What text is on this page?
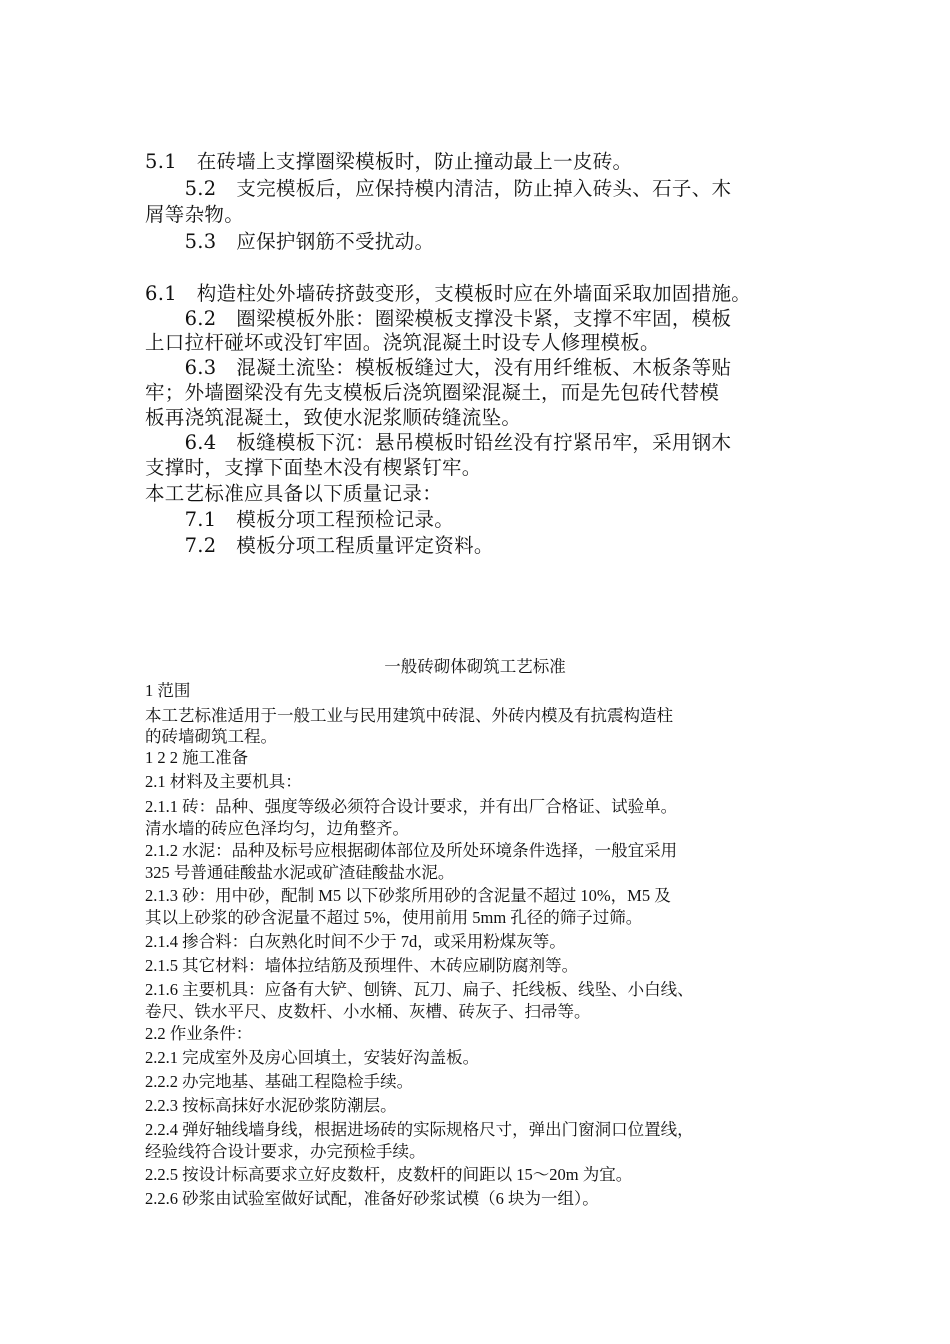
5.1　在砖墙上支撑圈梁模板时，防止撞动最上一皮砖。
　　5.2　支完模板后，应保持模内清洁，防止掉入砖头、石子、木
屑等杂物。
　　5.3　应保护钢筋不受扰动。
6.1　构造柱处外墙砖挤鼓变形，支模板时应在外墙面采取加固措施。
　　6.2　圈梁模板外胀：圈梁模板支撑没卡紧，支撑不牢固，模板
上口拉杆碰坏或没钉牢固。浇筑混凝土时设专人修理模板。
　　6.3　混凝土流坠：模板板缝过大，没有用纤维板、木板条等贴
牢；外墙圈梁没有先支模板后浇筑圈梁混凝土，而是先包砖代替模
板再浇筑混凝土，致使水泥浆顺砖缝流坠。
　　6.4　板缝模板下沉：悬吊模板时铅丝没有拧紧吊牢，采用钢木
支撑时，支撑下面垫木没有楔紧钉牢。
本工艺标准应具备以下质量记录：
　　7.1　模板分项工程预检记录。
　　7.2　模板分项工程质量评定资料。
一般砖砌体砌筑工艺标准
1 范围
本工艺标准适用于一般工业与民用建筑中砖混、外砖内模及有抗震构造柱
的砖墙砌筑工程。
1 2 2 施工准备
2.1 材料及主要机具：
2.1.1 砖：品种、强度等级必须符合设计要求，并有出厂合格证、试验单。
清水墙的砖应色泽均匀，边角整齐。
2.1.2 水泥：品种及标号应根据砌体部位及所处环境条件选择，一般宜采用
325 号普通硅酸盐水泥或矿渣硅酸盐水泥。
2.1.3 砂：用中砂，配制 M5 以下砂浆所用砂的含泥量不超过 10%，M5 及
其以上砂浆的砂含泥量不超过 5%，使用前用 5mm 孔径的筛子过筛。
2.1.4 掺合料：白灰熟化时间不少于 7d，或采用粉煤灰等。
2.1.5 其它材料：墙体拉结筋及预埋件、木砖应刷防腐剂等。
2.1.6 主要机具：应备有大铲、刨锛、瓦刀、扁子、托线板、线坠、小白线、
卷尺、铁水平尺、皮数杆、小水桶、灰槽、砖灰子、扫帚等。
2.2 作业条件：
2.2.1 完成室外及房心回填土，安装好沟盖板。
2.2.2 办完地基、基础工程隐检手续。
2.2.3 按标高抹好水泥砂浆防潮层。
2.2.4 弹好轴线墙身线，根据进场砖的实际规格尺寸，弹出门窗洞口位置线，
经验线符合设计要求，办完预检手续。
2.2.5 按设计标高要求立好皮数杆，皮数杆的间距以 15～20m 为宜。
2.2.6 砂浆由试验室做好试配，准备好砂浆试模（6 块为一组）。
